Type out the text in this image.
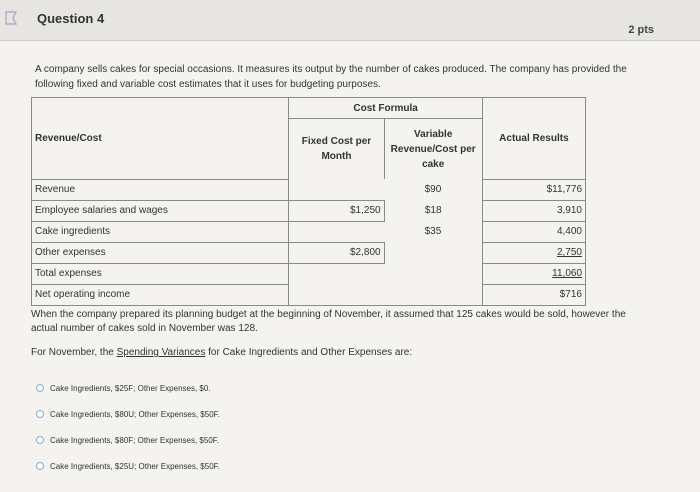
Question 4
2 pts
A company sells cakes for special occasions. It measures its output by the number of cakes produced. The company has provided the following fixed and variable cost estimates that it uses for budgeting purposes.
Revenue/Cost	Cost Formula		Actual Results
	Fixed Cost per Month	Variable Revenue/Cost per cake	

Revenue		$90	$11,776
Employee salaries and wages	$1,250	$18	3,910
Cake ingredients		$35	4,400
Other expenses	$2,800		2,750
Total expenses			11,060
Net operating income			$716
When the company prepared its planning budget at the beginning of November, it assumed that 125 cakes would be sold, however the actual number of cakes sold in November was 128.
For November, the Spending Variances for Cake Ingredients and Other Expenses are:
Cake Ingredients, $25F; Other Expenses, $0.
Cake Ingredients, $80U; Other Expenses, $50F.
Cake Ingredients, $80F; Other Expenses, $50F.
Cake Ingredients, $25U; Other Expenses, $50F.
